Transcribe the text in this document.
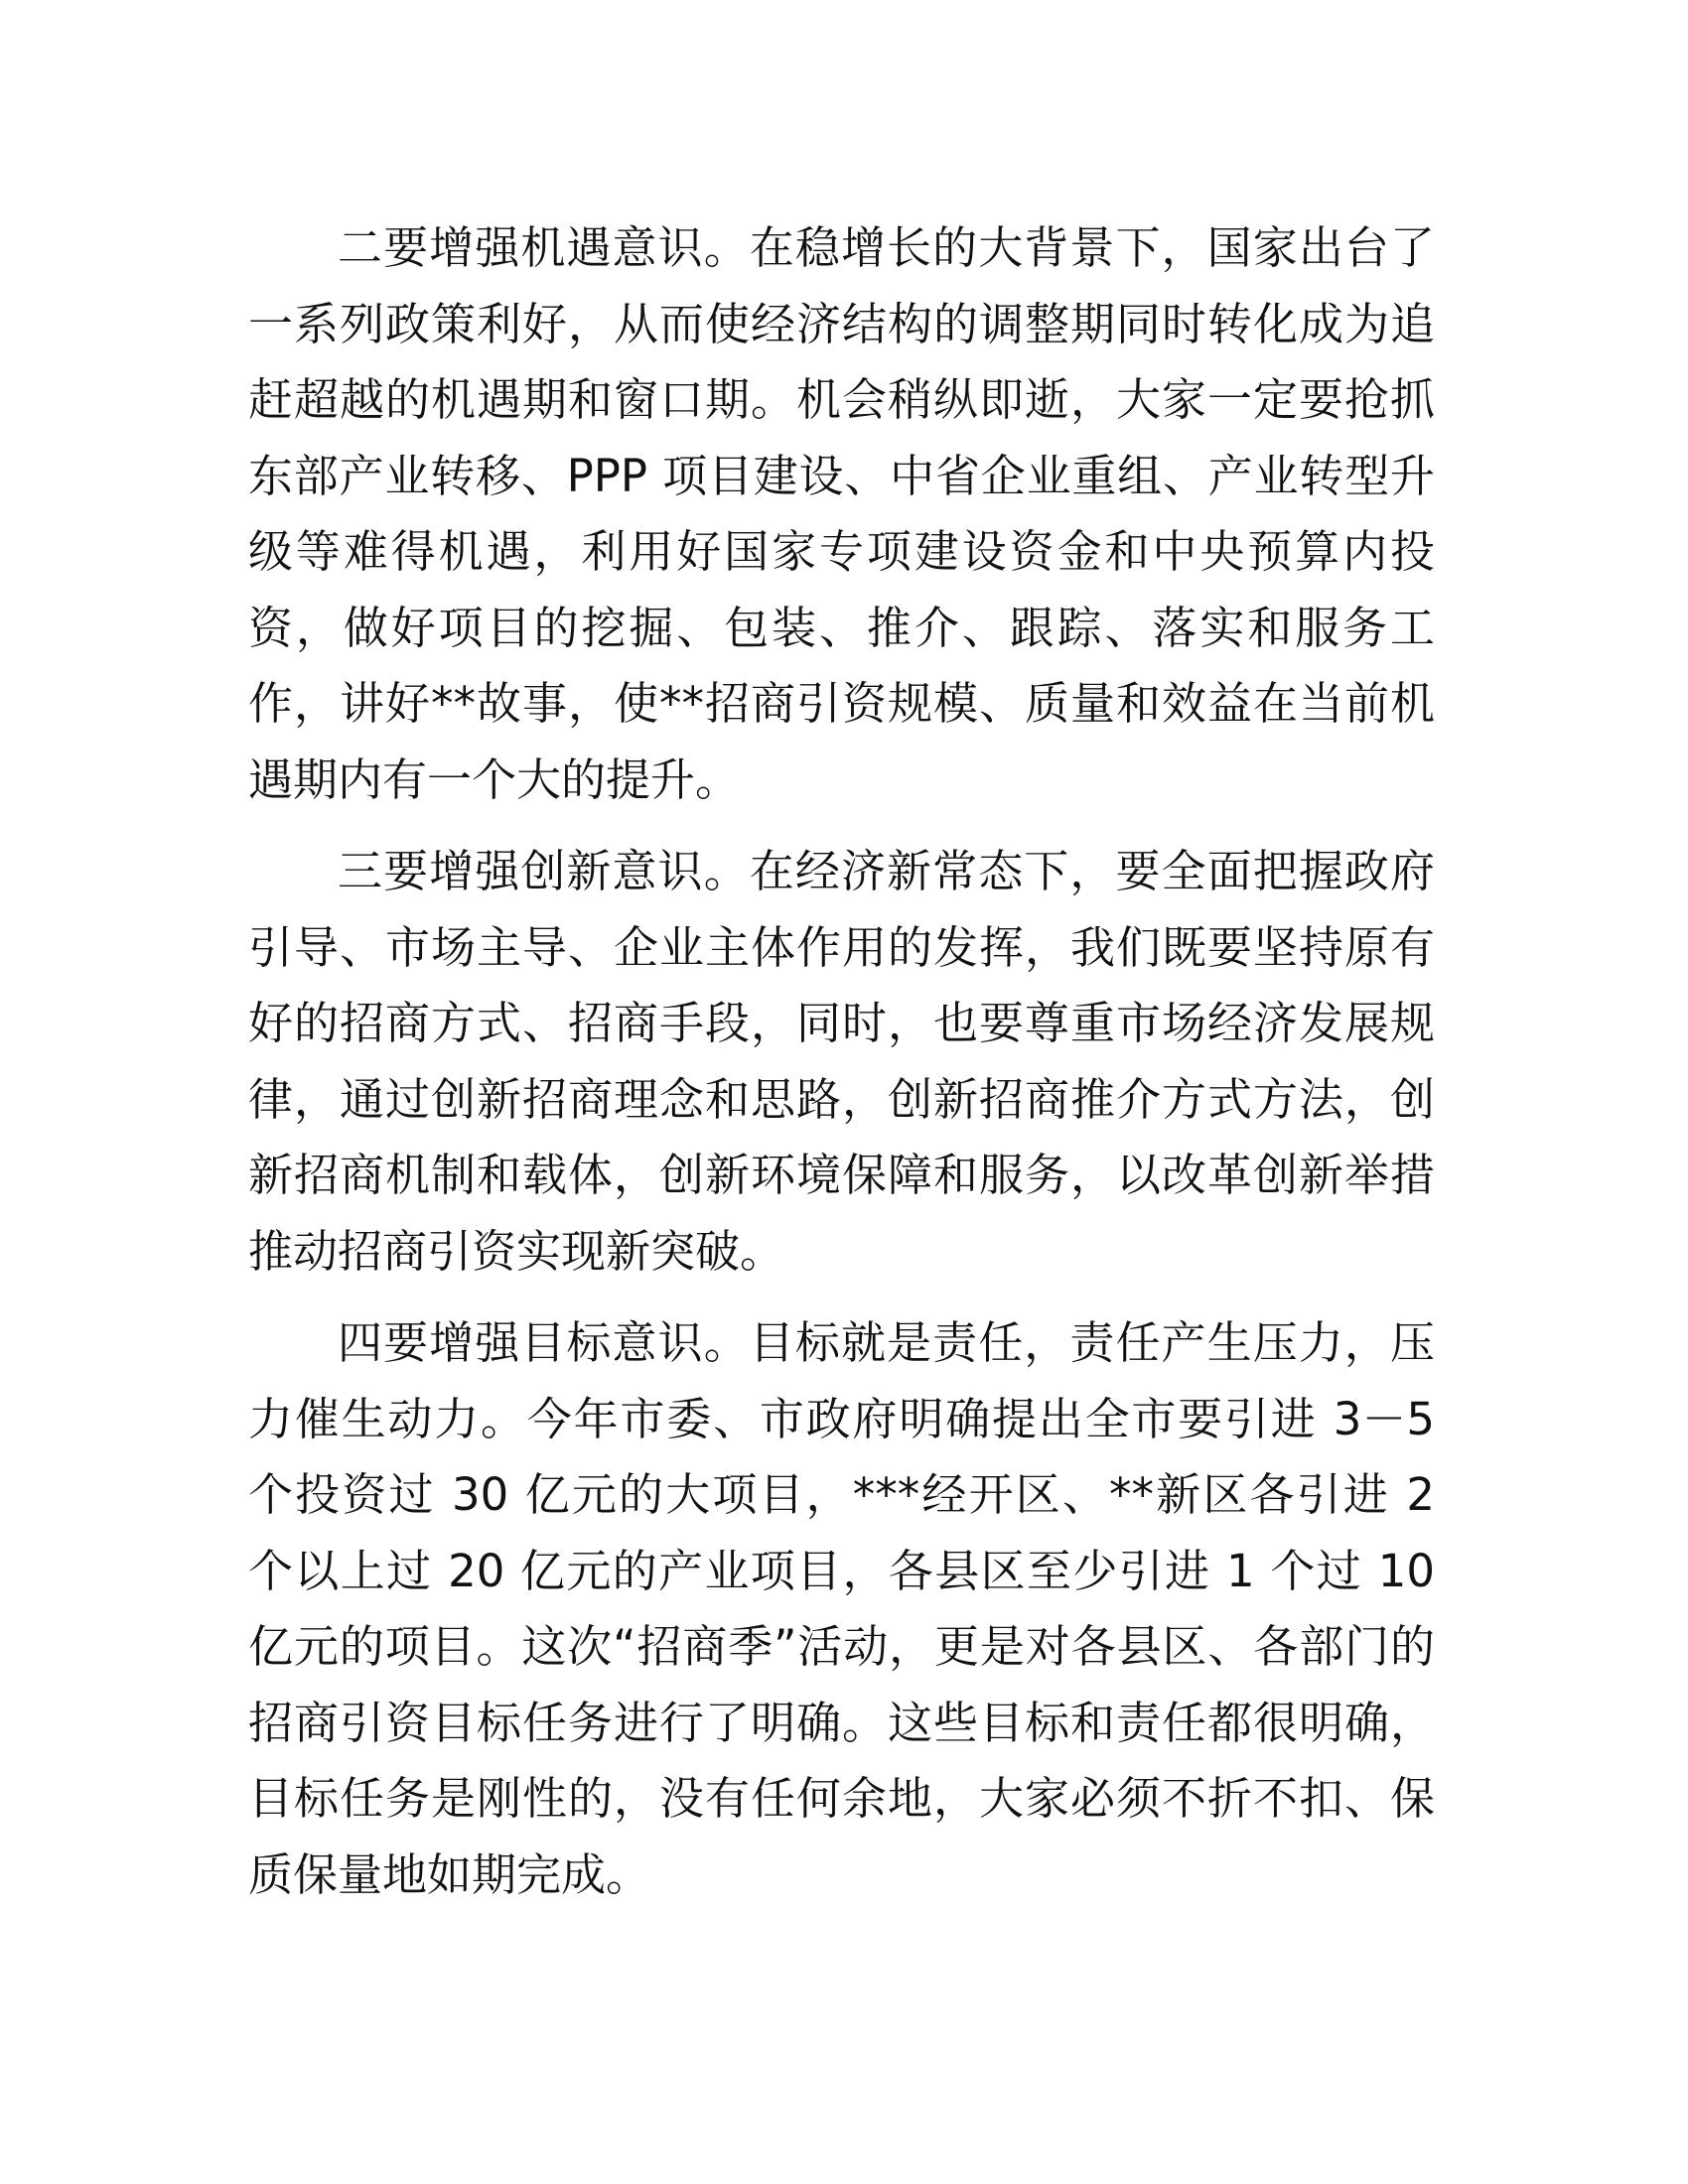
二要增强机遇意识。在稳增长的大背景下，国家出台了一系列政策利好，从而使经济结构的调整期同时转化成为追赶超越的机遇期和窗口期。机会稍纵即逝，大家一定要抢抓东部产业转移、PPP 项目建设、中省企业重组、产业转型升级等难得机遇，利用好国家专项建设资金和中央预算内投资，做好项目的挖掘、包装、推介、跟踪、落实和服务工作，讲好**故事，使**招商引资规模、质量和效益在当前机遇期内有一个大的提升。

三要增强创新意识。在经济新常态下，要全面把握政府引导、市场主导、企业主体作用的发挥，我们既要坚持原有好的招商方式、招商手段，同时，也要尊重市场经济发展规律，通过创新招商理念和思路，创新招商推介方式方法，创新招商机制和载体，创新环境保障和服务，以改革创新举措推动招商引资实现新突破。

四要增强目标意识。目标就是责任，责任产生压力，压力催生动力。今年市委、市政府明确提出全市要引进 3－5 个投资过 30 亿元的大项目，***经开区、**新区各引进 2 个以上过 20 亿元的产业项目，各县区至少引进 1 个过 10 亿元的项目。这次“招商季”活动，更是对各县区、各部门的招商引资目标任务进行了明确。这些目标和责任都很明确，目标任务是刚性的，没有任何余地，大家必须不折不扣、保质保量地如期完成。
